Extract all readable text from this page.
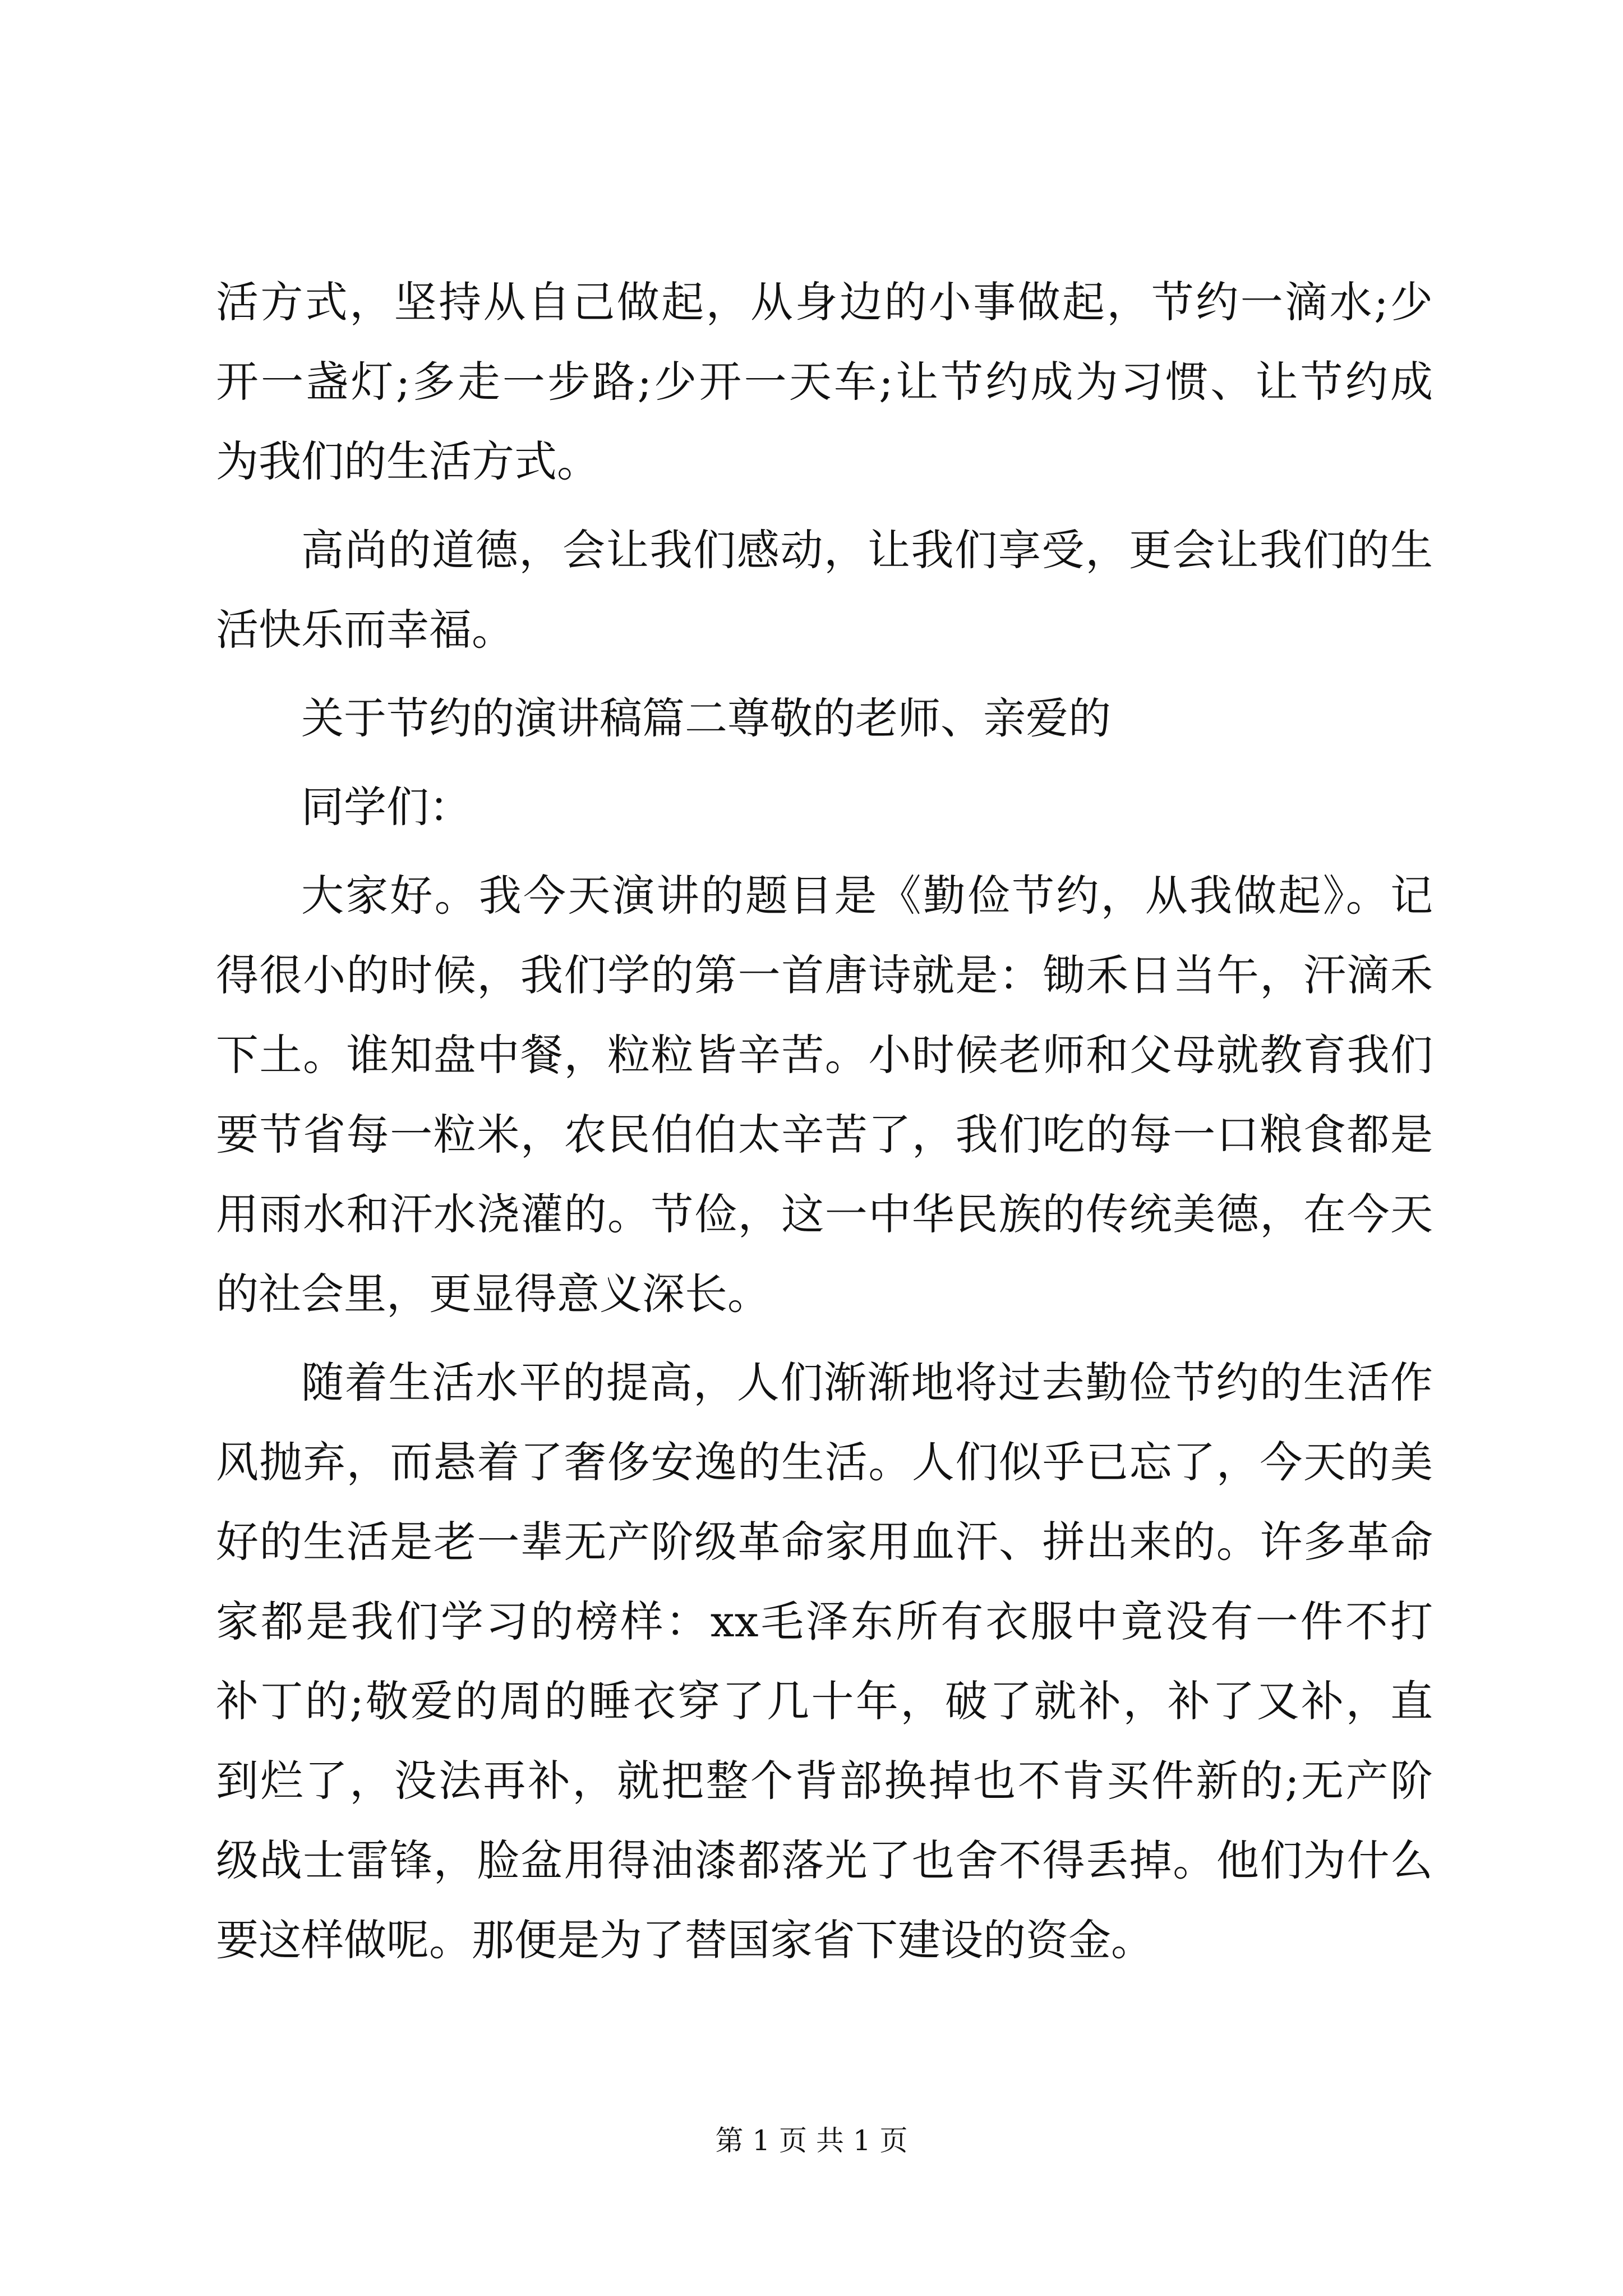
活方式，坚持从自己做起，从身边的小事做起，节约一滴水;少
开一盏灯;多走一步路;少开一天车;让节约成为习惯、让节约成
为我们的生活方式。
高尚的道德，会让我们感动，让我们享受，更会让我们的生
活快乐而幸福。
关于节约的演讲稿篇二尊敬的老师、亲爱的
同学们：
大家好。我今天演讲的题目是《勤俭节约，从我做起》。记
得很小的时候，我们学的第一首唐诗就是：锄禾日当午，汗滴禾
下土。谁知盘中餐，粒粒皆辛苦。小时候老师和父母就教育我们
要节省每一粒米，农民伯伯太辛苦了，我们吃的每一口粮食都是
用雨水和汗水浇灌的。节俭，这一中华民族的传统美德，在今天
的社会里，更显得意义深长。
随着生活水平的提高，人们渐渐地将过去勤俭节约的生活作
风抛弃，而悬着了奢侈安逸的生活。人们似乎已忘了，今天的美
好的生活是老一辈无产阶级革命家用血汗、拼出来的。许多革命
家都是我们学习的榜样：xx毛泽东所有衣服中竟没有一件不打
补丁的;敬爱的周的睡衣穿了几十年，破了就补，补了又补，直
到烂了，没法再补，就把整个背部换掉也不肯买件新的;无产阶
级战士雷锋，脸盆用得油漆都落光了也舍不得丢掉。他们为什么
要这样做呢。那便是为了替国家省下建设的资金。
第 1 页 共 1 页
